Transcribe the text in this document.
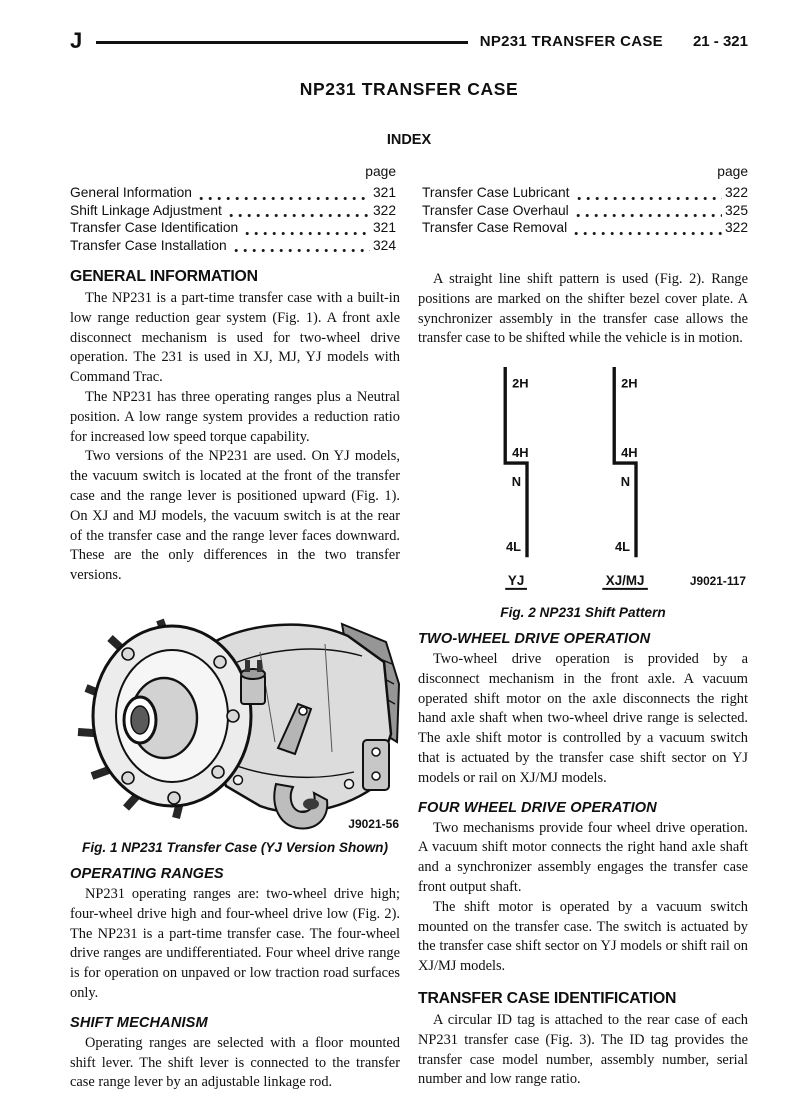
J	NP231 TRANSFER CASE 21 - 321
NP231 TRANSFER CASE
INDEX
page
General Information	321
Shift Linkage Adjustment	322
Transfer Case Identification	321
Transfer Case Installation	324
page
Transfer Case Lubricant	322
Transfer Case Overhaul	325
Transfer Case Removal	322
GENERAL INFORMATION

The NP231 is a part-time transfer case with a built-in low range reduction gear system (Fig. 1). A front axle disconnect mechanism is used for two-wheel drive operation. The 231 is used in XJ, MJ, YJ models with Command Trac.

The NP231 has three operating ranges plus a Neutral position. A low range system provides a reduction ratio for increased low speed torque capability.

Two versions of the NP231 are used. On YJ models, the vacuum switch is located at the front of the transfer case and the range lever is positioned upward (Fig. 1). On XJ and MJ models, the vacuum switch is at the rear of the transfer case and the range lever faces downward. These are the only differences in the two transfer versions.

J9021-56
Fig. 1 NP231 Transfer Case (YJ Version Shown)
OPERATING RANGES

NP231 operating ranges are: two-wheel drive high; four-wheel drive high and four-wheel drive low (Fig. 2). The NP231 is a part-time transfer case. The four-wheel drive ranges are undifferentiated. Four wheel drive range is for operation on unpaved or low traction road surfaces only.

SHIFT MECHANISM

Operating ranges are selected with a floor mounted shift lever. The shift lever is connected to the transfer case range lever by an adjustable linkage rod.

A straight line shift pattern is used (Fig. 2). Range positions are marked on the shifter bezel cover plate. A synchronizer assembly in the transfer case allows the transfer case to be shifted while the vehicle is in motion.

2H
4H
N
4L
YJ
2H
4H
N
4L
XJ/MJ	J9021-117
Fig. 2 NP231 Shift Pattern
TWO-WHEEL DRIVE OPERATION

Two-wheel drive operation is provided by a disconnect mechanism in the front axle. A vacuum operated shift motor on the axle disconnects the right hand axle shaft when two-wheel drive range is selected. The axle shift motor is controlled by a vacuum switch that is actuated by the transfer case shift sector on YJ models or rail on XJ/MJ models.

FOUR WHEEL DRIVE OPERATION

Two mechanisms provide four wheel drive operation. A vacuum shift motor connects the right hand axle shaft and a synchronizer assembly engages the transfer case front output shaft.

The shift motor is operated by a vacuum switch mounted on the transfer case. The switch is actuated by the transfer case shift sector on YJ models or shift rail on XJ/MJ models.

TRANSFER CASE IDENTIFICATION

A circular ID tag is attached to the rear case of each NP231 transfer case (Fig. 3). The ID tag provides the transfer case model number, assembly number, serial number and low range ratio.
